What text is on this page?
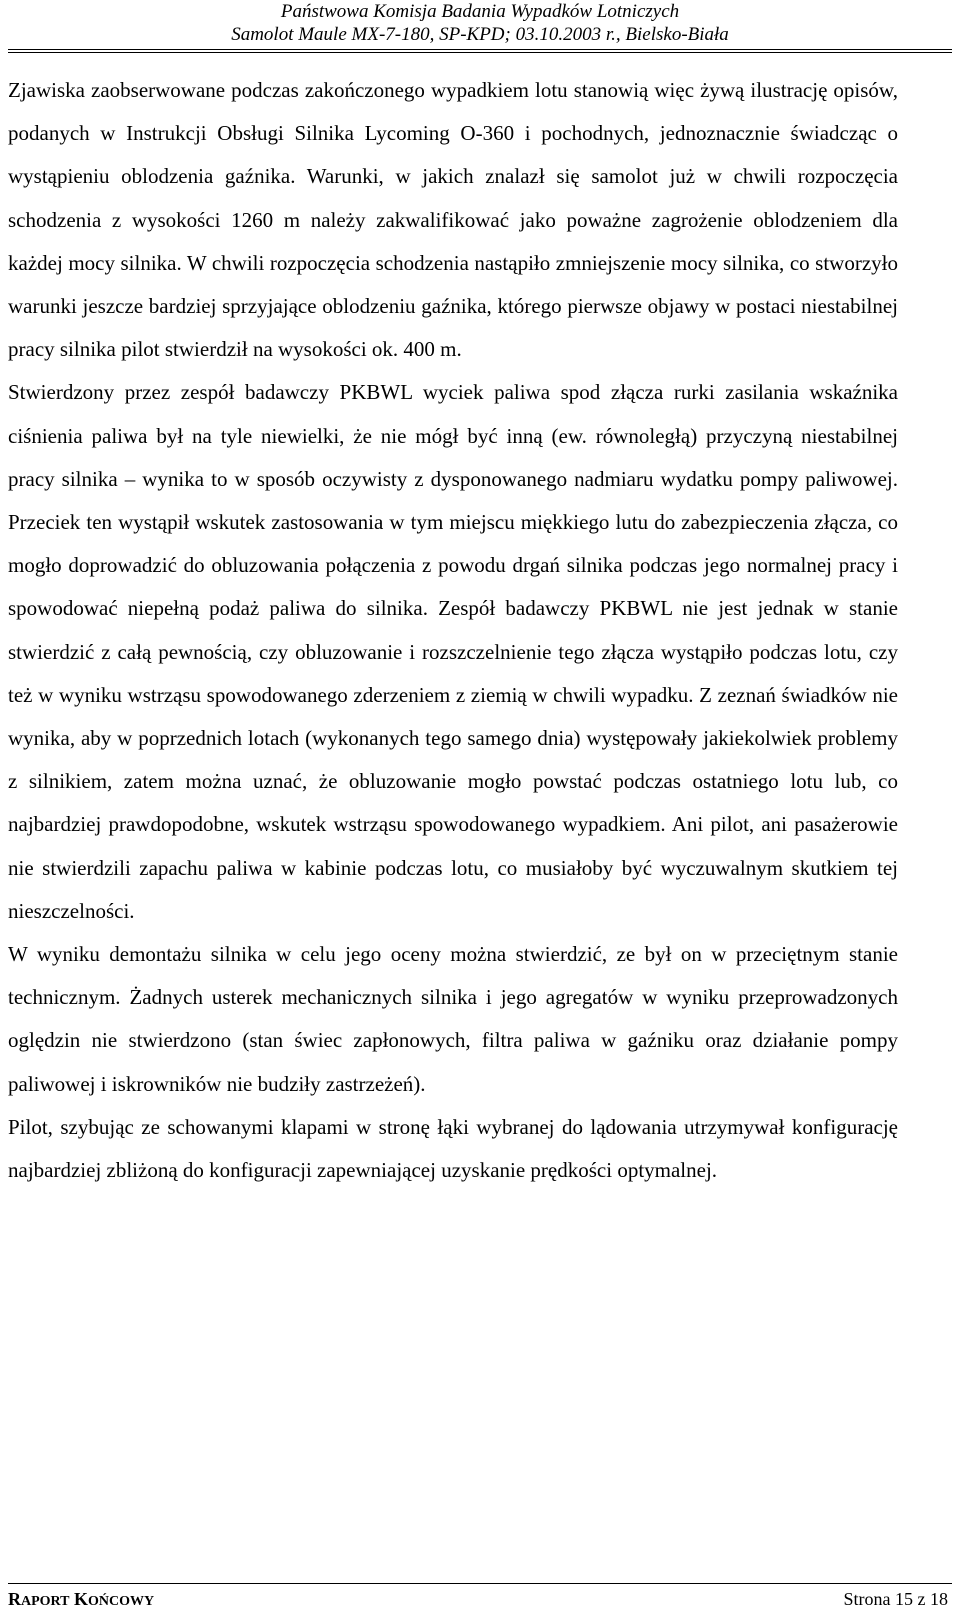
Państwowa Komisja Badania Wypadków Lotniczych
Samolot Maule MX-7-180, SP-KPD; 03.10.2003 r., Bielsko-Biała

Zjawiska zaobserwowane podczas zakończonego wypadkiem lotu stanowią więc żywą ilustrację opisów, podanych w Instrukcji Obsługi Silnika Lycoming O-360 i pochodnych, jednoznacznie świadcząc o wystąpieniu oblodzenia gaźnika. Warunki, w jakich znalazł się samolot już w chwili rozpoczęcia schodzenia z wysokości 1260 m należy zakwalifikować jako poważne zagrożenie oblodzeniem dla każdej mocy silnika. W chwili rozpoczęcia schodzenia nastąpiło zmniejszenie mocy silnika, co stworzyło warunki jeszcze bardziej sprzyjające oblodzeniu gaźnika, którego pierwsze objawy w postaci niestabilnej pracy silnika pilot stwierdził na wysokości ok. 400 m.

Stwierdzony przez zespół badawczy PKBWL wyciek paliwa spod złącza rurki zasilania wskaźnika ciśnienia paliwa był na tyle niewielki, że nie mógł być inną (ew. równoległą) przyczyną niestabilnej pracy silnika – wynika to w sposób oczywisty z dysponowanego nadmiaru wydatku pompy paliwowej. Przeciek ten wystąpił wskutek zastosowania w tym miejscu miękkiego lutu do zabezpieczenia złącza, co mogło doprowadzić do obluzowania połączenia z powodu drgań silnika podczas jego normalnej pracy i spowodować niepełną podaż paliwa do silnika. Zespół badawczy PKBWL nie jest jednak w stanie stwierdzić z całą pewnością, czy obluzowanie i rozszczelnienie tego złącza wystąpiło podczas lotu, czy też w wyniku wstrząsu spowodowanego zderzeniem z ziemią w chwili wypadku. Z zeznań świadków nie wynika, aby w poprzednich lotach (wykonanych tego samego dnia) występowały jakiekolwiek problemy z silnikiem, zatem można uznać, że obluzowanie mogło powstać podczas ostatniego lotu lub, co najbardziej prawdopodobne, wskutek wstrząsu spowodowanego wypadkiem. Ani pilot, ani pasażerowie nie stwierdzili zapachu paliwa w kabinie podczas lotu, co musiałoby być wyczuwalnym skutkiem tej nieszczelności.

W wyniku demontażu silnika w celu jego oceny można stwierdzić, ze był on w przeciętnym stanie technicznym. Żadnych usterek mechanicznych silnika i jego agregatów w wyniku przeprowadzonych oględzin nie stwierdzono (stan świec zapłonowych, filtra paliwa w gaźniku oraz działanie pompy paliwowej i iskrowników nie budziły zastrzeżeń).

Pilot, szybując ze schowanymi klapami w stronę łąki wybranej do lądowania utrzymywał konfigurację najbardziej zbliżoną do konfiguracji zapewniającej uzyskanie prędkości optymalnej.

RAPORT KOŃCOWY	Strona 15 z 18
